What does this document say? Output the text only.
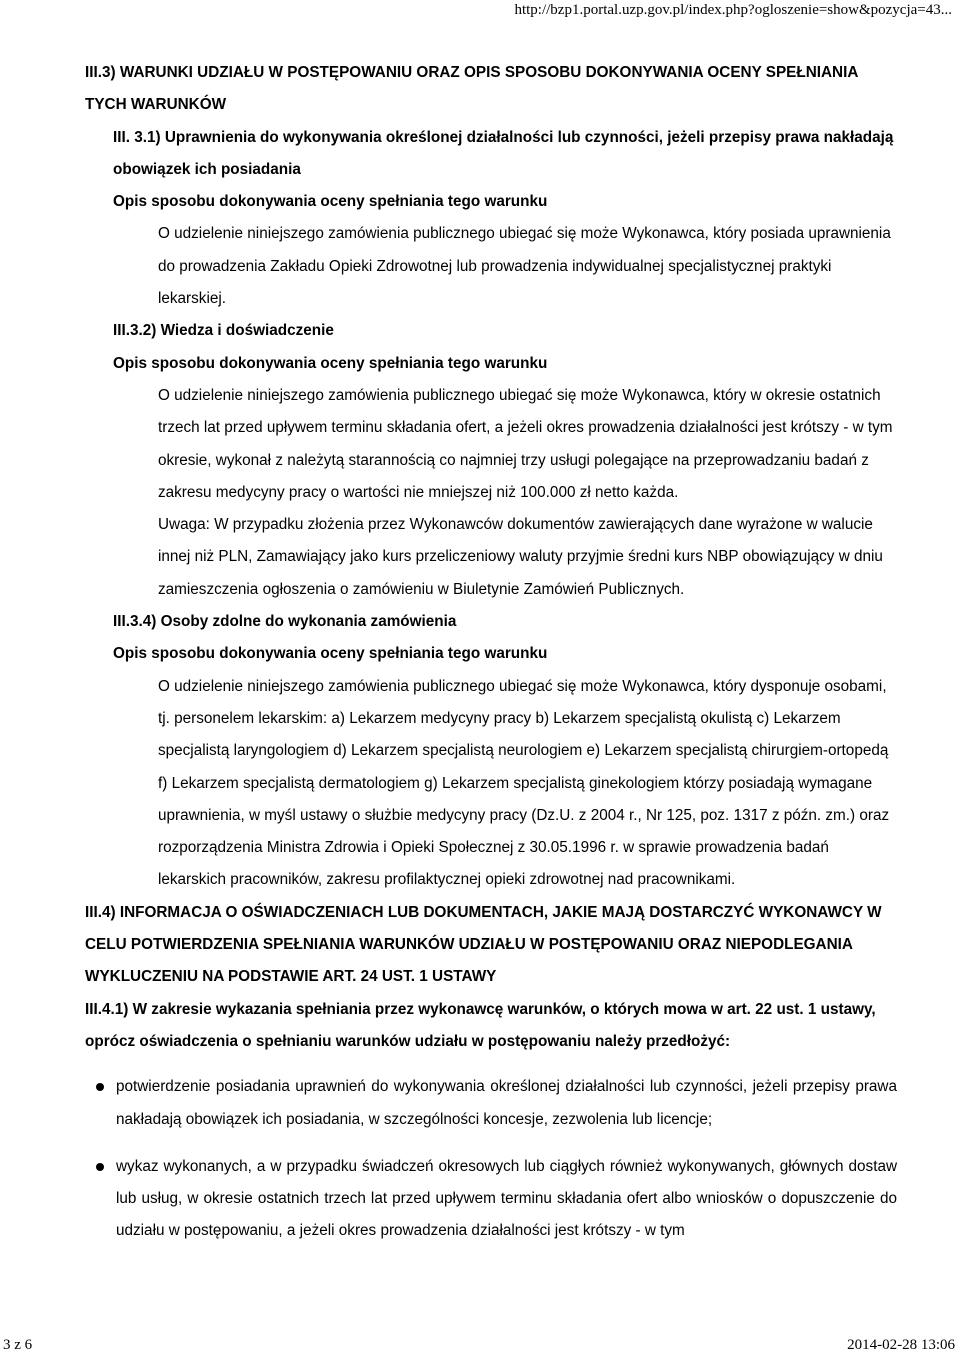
http://bzp1.portal.uzp.gov.pl/index.php?ogloszenie=show&pozycja=43...

III.3) WARUNKI UDZIAŁU W POSTĘPOWANIU ORAZ OPIS SPOSOBU DOKONYWANIA OCENY SPEŁNIANIA TYCH WARUNKÓW

III. 3.1) Uprawnienia do wykonywania określonej działalności lub czynności, jeżeli przepisy prawa nakładają obowiązek ich posiadania

Opis sposobu dokonywania oceny spełniania tego warunku

O udzielenie niniejszego zamówienia publicznego ubiegać się może Wykonawca, który posiada uprawnienia do prowadzenia Zakładu Opieki Zdrowotnej lub prowadzenia indywidualnej specjalistycznej praktyki lekarskiej.

III.3.2) Wiedza i doświadczenie

Opis sposobu dokonywania oceny spełniania tego warunku

O udzielenie niniejszego zamówienia publicznego ubiegać się może Wykonawca, który w okresie ostatnich trzech lat przed upływem terminu składania ofert, a jeżeli okres prowadzenia działalności jest krótszy - w tym okresie, wykonał z należytą starannością co najmniej trzy usługi polegające na przeprowadzaniu badań z zakresu medycyny pracy o wartości nie mniejszej niż 100.000 zł netto każda.

Uwaga: W przypadku złożenia przez Wykonawców dokumentów zawierających dane wyrażone w walucie innej niż PLN, Zamawiający jako kurs przeliczeniowy waluty przyjmie średni kurs NBP obowiązujący w dniu zamieszczenia ogłoszenia o zamówieniu w Biuletynie Zamówień Publicznych.

III.3.4) Osoby zdolne do wykonania zamówienia

Opis sposobu dokonywania oceny spełniania tego warunku

O udzielenie niniejszego zamówienia publicznego ubiegać się może Wykonawca, który dysponuje osobami, tj. personelem lekarskim: a) Lekarzem medycyny pracy b) Lekarzem specjalistą okulistą c) Lekarzem specjalistą laryngologiem d) Lekarzem specjalistą neurologiem e) Lekarzem specjalistą chirurgiem-ortopedą f) Lekarzem specjalistą dermatologiem g) Lekarzem specjalistą ginekologiem którzy posiadają wymagane uprawnienia, w myśl ustawy o służbie medycyny pracy (Dz.U. z 2004 r., Nr 125, poz. 1317 z późn. zm.) oraz rozporządzenia Ministra Zdrowia i Opieki Społecznej z 30.05.1996 r. w sprawie prowadzenia badań lekarskich pracowników, zakresu profilaktycznej opieki zdrowotnej nad pracownikami.

III.4) INFORMACJA O OŚWIADCZENIACH LUB DOKUMENTACH, JAKIE MAJĄ DOSTARCZYĆ WYKONAWCY W CELU POTWIERDZENIA SPEŁNIANIA WARUNKÓW UDZIAŁU W POSTĘPOWANIU ORAZ NIEPODLEGANIA WYKLUCZENIU NA PODSTAWIE ART. 24 UST. 1 USTAWY

III.4.1) W zakresie wykazania spełniania przez wykonawcę warunków, o których mowa w art. 22 ust. 1 ustawy, oprócz oświadczenia o spełnianiu warunków udziału w postępowaniu należy przedłożyć:

potwierdzenie posiadania uprawnień do wykonywania określonej działalności lub czynności, jeżeli przepisy prawa nakładają obowiązek ich posiadania, w szczególności koncesje, zezwolenia lub licencje;
wykaz wykonanych, a w przypadku świadczeń okresowych lub ciągłych również wykonywanych, głównych dostaw lub usług, w okresie ostatnich trzech lat przed upływem terminu składania ofert albo wniosków o dopuszczenie do udziału w postępowaniu, a jeżeli okres prowadzenia działalności jest krótszy - w tym
3 z 6	2014-02-28 13:06
